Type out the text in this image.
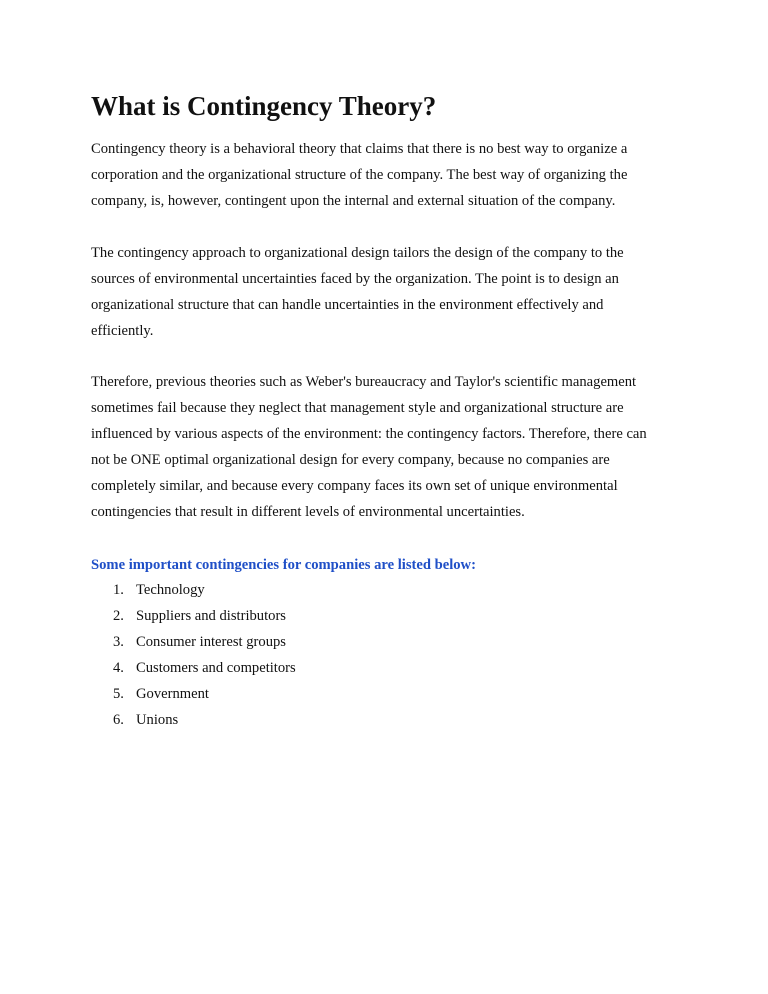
What is Contingency Theory?

Contingency theory is a behavioral theory that claims that there is no best way to organize a
corporation and the organizational structure of the company. The best way of organizing the
company, is, however, contingent upon the internal and external situation of the company.

The contingency approach to organizational design tailors the design of the company to the
sources of environmental uncertainties faced by the organization. The point is to design an
organizational structure that can handle uncertainties in the environment effectively and
efficiently.

Therefore, previous theories such as Weber's bureaucracy and Taylor's scientific management
sometimes fail because they neglect that management style and organizational structure are
influenced by various aspects of the environment: the contingency factors. Therefore, there can
not be ONE optimal organizational design for every company, because no companies are
completely similar, and because every company faces its own set of unique environmental
contingencies that result in different levels of environmental uncertainties.

Some important contingencies for companies are listed below:

1. Technology
2. Suppliers and distributors
3. Consumer interest groups
4. Customers and competitors
5. Government
6. Unions
